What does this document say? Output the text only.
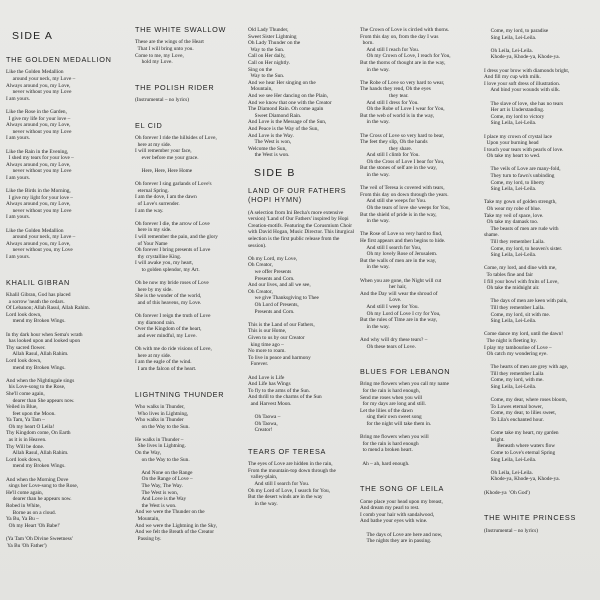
SIDE A
THE GOLDEN MEDALLION
Like the Golden Medallion
around your neck, my Love –
Always around you, my Love,
never without you my Love
I am yours.
Like the Rose in the Garden,
I give my life for your love –
Always around you, my Love,
never without you my Love
I am yours.
Like the Rain in the Evening,
I shed my tears for your love –
Always around you, my Love,
never without you my Love
I am yours.
Like the Birds in the Morning,
I give my light for your love –
Always around you, my Love,
never without you my Love
I am yours.
Like the Golden Medallion
around your neck, my Love –
Always around you, my Love,
never without you, my Love
I am yours.
KHALIL GIBRAN
Khalil Gibran, God has placed
a sorrow 'neath the cedars.
Of Lebanon; Allah Rasul, Allah Rahim.
Lord look down,
mend my Broken Wings.
In thy dark hour when Sema's wrath
has looked upon and looked upon
Thy sacred flower.
Allah Rasul, Allah Rahim.
Lord look down,
mend my Broken Wings.
And when the Nightingale sings
his Love-song to the Rose,
She'll come again,
dearer than She appears now.
Veiled in Blue,
feet upon the Moon.
Ya Tam, Ya Tam –
Oh my heart O Leila!
Thy Kingdom come, On Earth
as it is in Heaven.
Thy Will be done.
Allah Rasul, Allah Rahim.
Lord look down,
mend my Broken Wings.
And when the Morning Dove
sings her Love-song to the Rose,
He'll come again,
dearer than he appears now.
Robed in White,
Borne as on a cloud.
Ya Bu, Ya Bu –
Oh my Heart 'Oh Babe!'
(Ya Tam 'Oh Divine Sweetness'
Ya Bu 'Oh Father')
THE WHITE SWALLOW
These are the wings of the Heart
That I will bring unto you.
Come to me, my Love,
hold my Love.
THE POLISH RIDER
(Instrumental – no lyrics)
EL CID
Oh forever I ride the hillsides of Love,
here at my side.
I will remember your face,
ever before me your grace.
Here, Here, Here Home
Oh forever I sing garlands of Love's
eternal Spring.
I am the dove, I am the dawn
of Love's surrender.
I am the way.
Oh forever I die, the arrow of Love
here in my side.
I will remember the pain, and the glory
of Your Name
Oh forever I bring presents of Love
thy crystalline King.
I will awake you, my heart,
to golden splendor, my Art.
Oh be now my bride roses of Love
here by my side.
She is the wonder of the world,
and of this heavens, my Love.
Oh forever I reign the truth of Love
my diamond rain.
Over the Kingdom of the heart,
and ever mindful, my Love.
Oh with me do ride visions of Love,
here at my side.
I am the eagle of the wind.
I am the falcon of the heart.
LIGHTNING THUNDER
Who walks in Thunder,
Who lives in Lightning,
Who walks in Thunder
on the Way to the Sun.
He walks in Thunder –
She lives in Lightning.
On the Way,
on the Way to the Sun.
And None on the Range
On the Range of Love –
The Way, The Way.
The West is won,
And Love is the Way
the West is won.
And we were the Thunder on the
Mountain,
And we were the Lightning in the Sky,
And we felt the Breath of the Creator
Passing by.
Old Lady Thunder,
Sweet Sister Lightning
Oh Lady Thunder on the
Way to the Sun.
Call on Her daily,
Call on Her nightly.
Sing on the
Way to the Sun.
And we hear Her singing on the
Mountain,
And we see Her dancing on the Plain,
And we know that one with the Creator
The Diamond Rain. Oh come again
Sweet Diamond Rain.
And Love is the Message of the Sun,
And Peace is the Way of the Sun,
And Love is the Way.
The West is won,
Welcome the Sun,
the West is won.
SIDE B
LAND OF OUR FATHERS
(HOPI HYMN)
(A selection from Ini Becha's more extensive
version) 'Land of Our Fathers' inspired by Hopi
Creation-motifs. Featuring the Corusmium Choir
with David Hogan, Music Director. This liturgical
selection is the first public release from the
session).
Oh my Lord, my Love,
Oh Creator,
we offer Presents
Presents and Corn.
And our lives, and all we see,
Oh Creator,
we give Thanksgiving to Thee
Oh Lord of Presents,
Presents and Corn.
This is the Land of our Fathers,
This is our Home,
Given to us by our Creator
king time ago –
No more to roam.
To live in peace and harmony
Forever.
And Love is Life
And Life has Wings
To fly to the arms of the Sun.
And thrill to the charms of the Sun
and Harvest Moon.
Oh Taowa –
Oh Taowa,
Creator!
TEARS OF TERESA
The eyes of Love are hidden in the rain,
From the mountain-top down through the
valley-plain,
And still I search for You.
Oh my Lord of Love, I search for You,
But the desert winds are in the way
in the way.
The Crown of Love is circled with thorns.
From this day on, from the day I was
born.
And still I reach for You.
Oh my Crown of Love, I reach for You,
But the thorns of thought are in the way,
in the way.
The Robe of Love so very hard to wear,
The hands they rend, Oh the eyes
they tear.
And still I dress for You.
Oh the Robe of Love I wear for You,
But the web of world is in the way,
in the way.
The Cross of Love so very hard to bear,
The feet they slip, Oh the hands
they share.
And still I climb for You.
Oh the Cross of Love I bear for You,
But the stones of self are in the way,
in the way.
The veil of Teresa is covered with tears,
From this day on down through the years.
And still she weeps for You.
Oh the tears of love she weeps for You,
But the shield of pride is in the way,
in the way.
The Rose of Love so very hard to find,
He first appears and then begins to hide.
And still I search for You,
Oh my lovely Rose of Jerusalem.
But the walls of men are in the way,
in the way.
When you are gone, the Night will cut
her hair,
And the Day will wear the shroud of
Love.
And still I weep for You.
Oh my Lord of Love I cry for You,
But the rules of Time are in the way,
in the way.
And why will dry these tears? –
Oh these tears of Love.
BLUES FOR LEBANON
Bring me flowers when you call my name
for the rain is hard enough,
Send me roses when you will
for my days are long and still.
Let the lilies of the dawn
sing their own sweet song
for the night will take them in.
Bring me flowers when you will
for the rain is hard enough
to mend a broken heart.
Ah – ah, hard enough.
THE SONG OF LEILA
Come place your head upon my breast,
And dream my pearl to rest.
I comb your hair with sandalwood,
And bathe your eyes with wine.
The days of Love are here and now,
The nights they are in passing.
Come, my lord, to paradise
Sing Leila, Lei-Leila.
Oh Leila, Lei-Leila.
Khode-ya, Khode-ya, Khode-ya.
I dress your brow with diamonds bright,
And fill my cup with milk.
I love your soft dress of illustration.
And bind your wounds with silk.
The slave of love, she has no tears
Her art is Understanding.
Come, my lord to victory
Sing Leila, Lei-Leila.
I place my crown of crystal lace
Upon your burning head
I touch your tears with pearls of love.
Oh take my heart to wed.
The veils of Love are many-fold,
They turn to fawn's unbinding
Come, my lord, to liberty
Sing Leila, Lei-Leila.
Take my gown of golden strength,
Oh wear my robe of blue.
Take my veil of space, love.
Oh take my damask too.
The beasts of men are rude with
shame.
Till they remember Laila.
Come, my lord, to heaven's sister.
Sing Leila, Lei-Leila.
Come, my lord, and dine with me,
To tables fine and fair
I fill your bowl with fruits of Love,
Oh take the midnight air.
The days of men are keen with pain,
Till they remember Laila.
Come, my lord, sit with me.
Sing Leila, Lei-Leila.
Come dance my lord, until the dawn!
The night is fleeting by.
I play my tambourine of Love –
Oh catch my wondering eye.
The hearts of men are grey with age,
Till they remember Laila
Come, my lord, with me.
Sing Leila, Lei-Leila.
Come, my dear, where roses bloom,
To Lowes eternal bower,
Come, my dear, to lilies sweet,
To Lila's enchanted hour.
Come take my heart, my garden
bright.
Beneath where waters flow
Come to Love's eternal Spring
Sing Leila, Lei-Leila.
Oh Leila, Lei-Leila.
Khode-ya, Khode-ya, Khode-ya.
(Khode-ya  'Oh God')
THE WHITE PRINCESS
(Instrumental – no lyrics)
